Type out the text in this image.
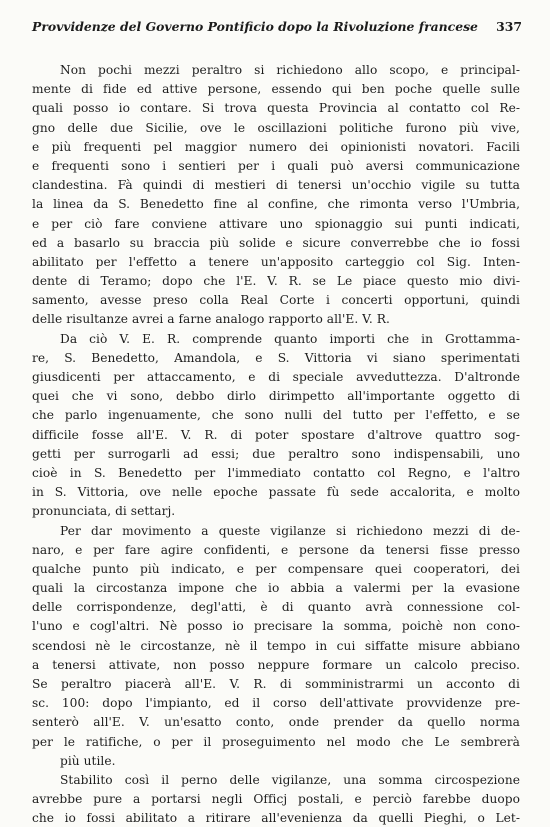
Provvidenze del Governo Pontificio dopo la Rivoluzione francese 337
Non pochi mezzi peraltro si richiedono allo scopo, e principal-
mente di fide ed attive persone, essendo qui ben poche quelle sulle
quali posso io contare. Si trova questa Provincia al contatto col Re-
gno delle due Sicilie, ove le oscillazioni politiche furono più vive,
e più frequenti pel maggior numero dei opinionisti novatori. Facili
e frequenti sono i sentieri per i quali può aversi communicazione
clandestina. Fà quindi di mestieri di tenersi un'occhio vigile su tutta
la linea da S. Benedetto fine al confine, che rimonta verso l'Umbria,
e per ciò fare conviene attivare uno spionaggio sui punti indicati,
ed a basarlo su braccia più solide e sicure converrebbe che io fossi
abilitato per l'effetto a tenere un'apposito carteggio col Sig. Inten-
dente di Teramo; dopo che l'E. V. R. se Le piace questo mio divi-
samento, avesse preso colla Real Corte i concerti opportuni, quindi
delle risultanze avrei a farne analogo rapporto all'E. V. R.
Da ciò V. E. R. comprende quanto importi che in Grottamma-
re, S. Benedetto, Amandola, e S. Vittoria vi siano sperimentati
giusdicenti per attaccamento, e di speciale avveduttezza. D'altronde
quei che vi sono, debbo dirlo dirimpetto all'importante oggetto di
che parlo ingenuamente, che sono nulli del tutto per l'effetto, e se
difficile fosse all'E. V. R. di poter spostare d'altrove quattro sog-
getti per surrogarli ad essi; due peraltro sono indispensabili, uno
cioè in S. Benedetto per l'immediato contatto col Regno, e l'altro
in S. Vittoria, ove nelle epoche passate fù sede accalorita, e molto
pronunciata, di settarj.
Per dar movimento a queste vigilanze si richiedono mezzi di de-
naro, e per fare agire confidenti, e persone da tenersi fisse presso
qualche punto più indicato, e per compensare quei cooperatori, dei
quali la circostanza impone che io abbia a valermi per la evasione
delle corrispondenze, degl'atti, è di quanto avrà connessione col-
l'uno e cogl'altri. Nè posso io precisare la somma, poichè non cono-
scendosi nè le circostanze, nè il tempo in cui siffatte misure abbiano
a tenersi attivate, non posso neppure formare un calcolo preciso.
Se peraltro piacerà all'E. V. R. di somministrarmi un acconto di
sc. 100: dopo l'impianto, ed il corso dell'attivate provvidenze pre-
senterò all'E. V. un'esatto conto, onde prender da quello norma
per le ratifiche, o per il proseguimento nel modo che Le sembrerà
più utile.
Stabilito così il perno delle vigilanze, una somma circospezione
avrebbe pure a portarsi negli Officj postali, e perciò farebbe duopo
che io fossi abilitato a ritirare all'evenienza da quelli Pieghi, o Let-
